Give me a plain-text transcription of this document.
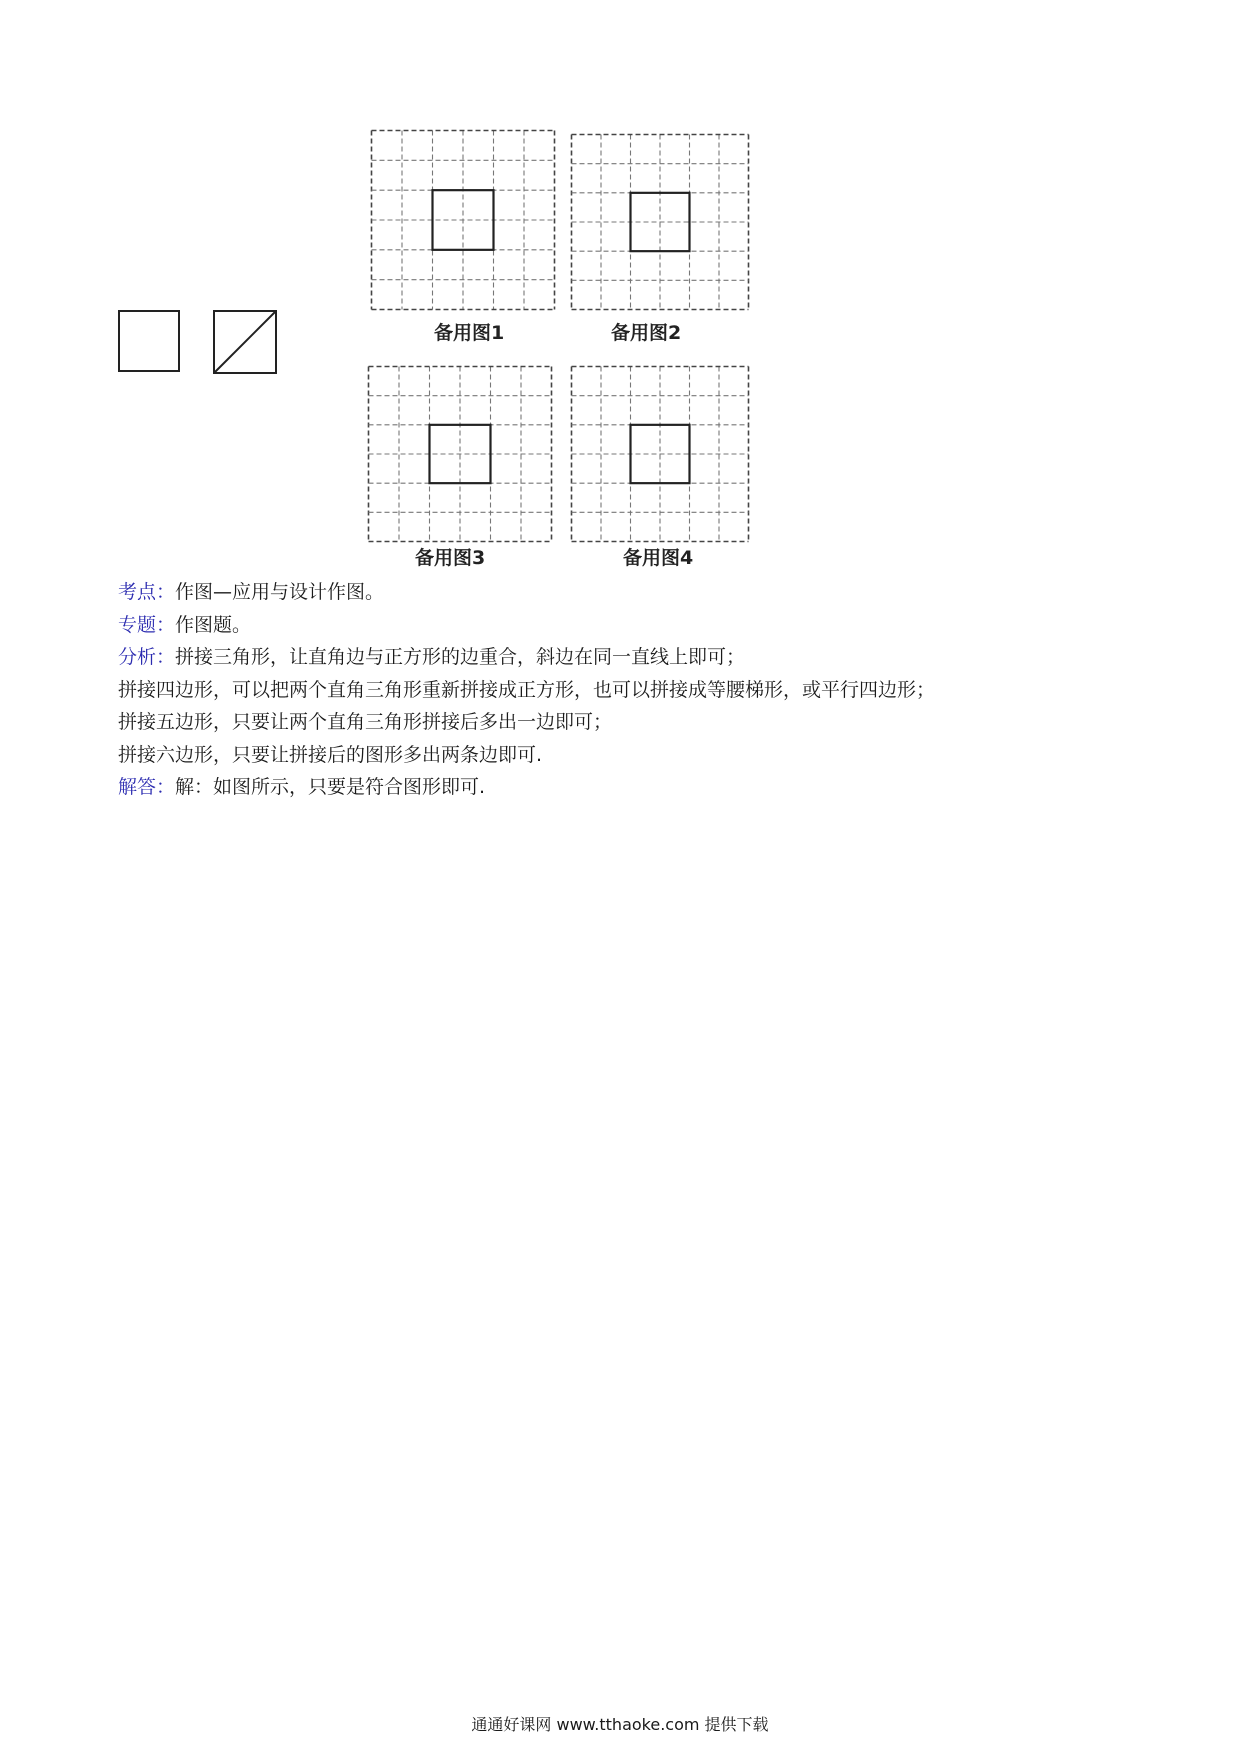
备用图1	备用图2
备用图3	备用图4
考点：作图—应用与设计作图。
专题：作图题。
分析：拼接三角形，让直角边与正方形的边重合，斜边在同一直线上即可；
拼接四边形，可以把两个直角三角形重新拼接成正方形，也可以拼接成等腰梯形，或平行四边形；
拼接五边形，只要让两个直角三角形拼接后多出一边即可；
拼接六边形，只要让拼接后的图形多出两条边即可.
解答：解：如图所示，只要是符合图形即可.
通通好课网 www.tthaoke.com 提供下载
